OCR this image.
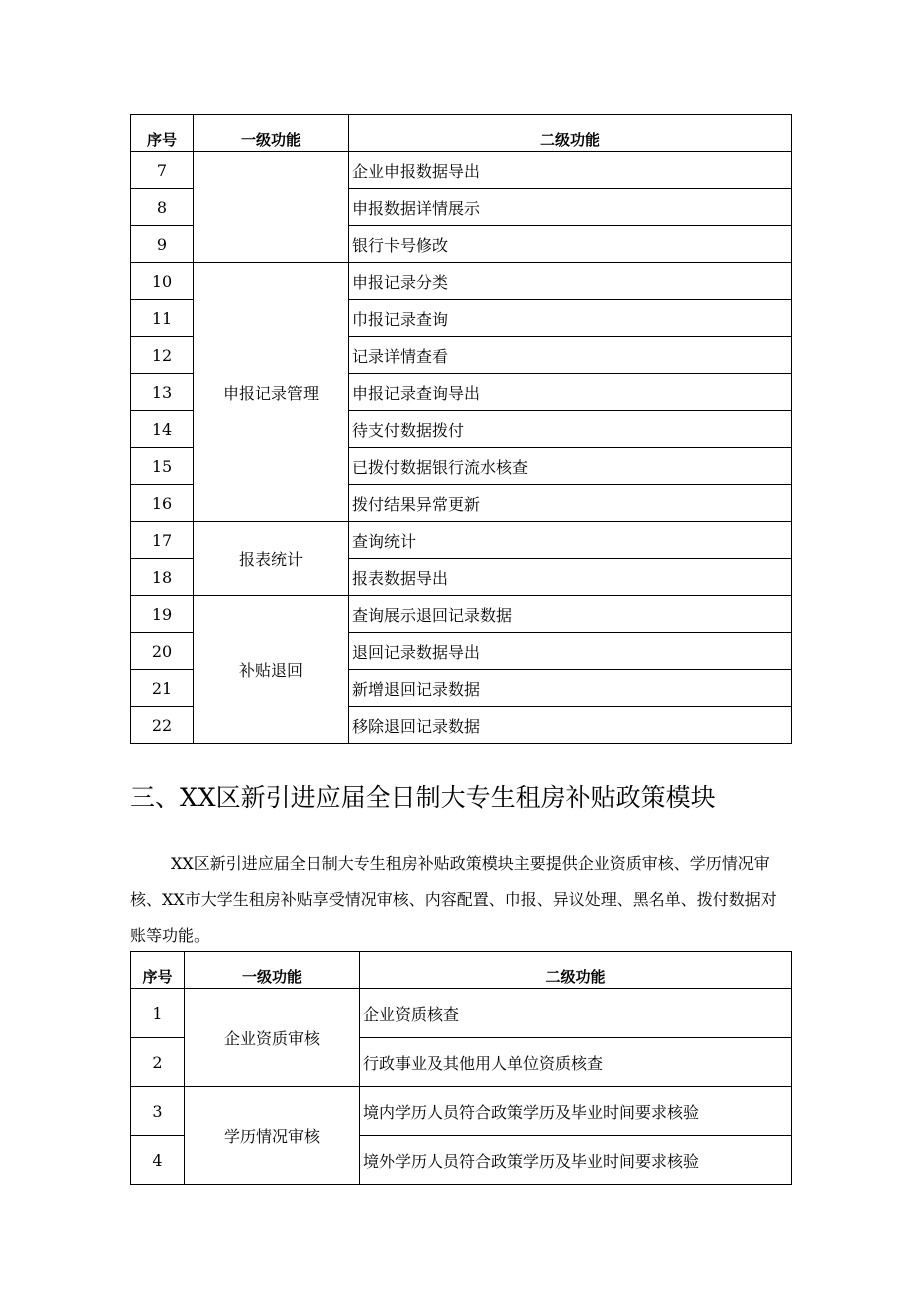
序号	一级功能	二级功能
7		企业申报数据导出
8		申报数据详情展示
9		银行卡号修改
10	申报记录管理	申报记录分类
11		巾报记录查询
12		记录详情查看
13		申报记录查询导出
14		待支付数据拨付
15		已拨付数据银行流水核查
16		拨付结果异常更新
17	报表统计	查询统计
18		报表数据导出
19	补贴退回	查询展示退回记录数据
20		退回记录数据导出
21		新增退回记录数据
22		移除退回记录数据
三、XX区新引进应届全日制大专生租房补贴政策模块

XX区新引进应届全日制大专生租房补贴政策模块主要提供企业资质审核、学历情况审核、XX市大学生租房补贴享受情况审核、内容配置、巾报、异议处理、黑名单、拨付数据对账等功能。

序号	一级功能	二级功能
1	企业资质审核	企业资质核查
2		行政事业及其他用人单位资质核查
3	学历情况审核	境内学历人员符合政策学历及毕业时间要求核验
4		境外学历人员符合政策学历及毕业时间要求核验
